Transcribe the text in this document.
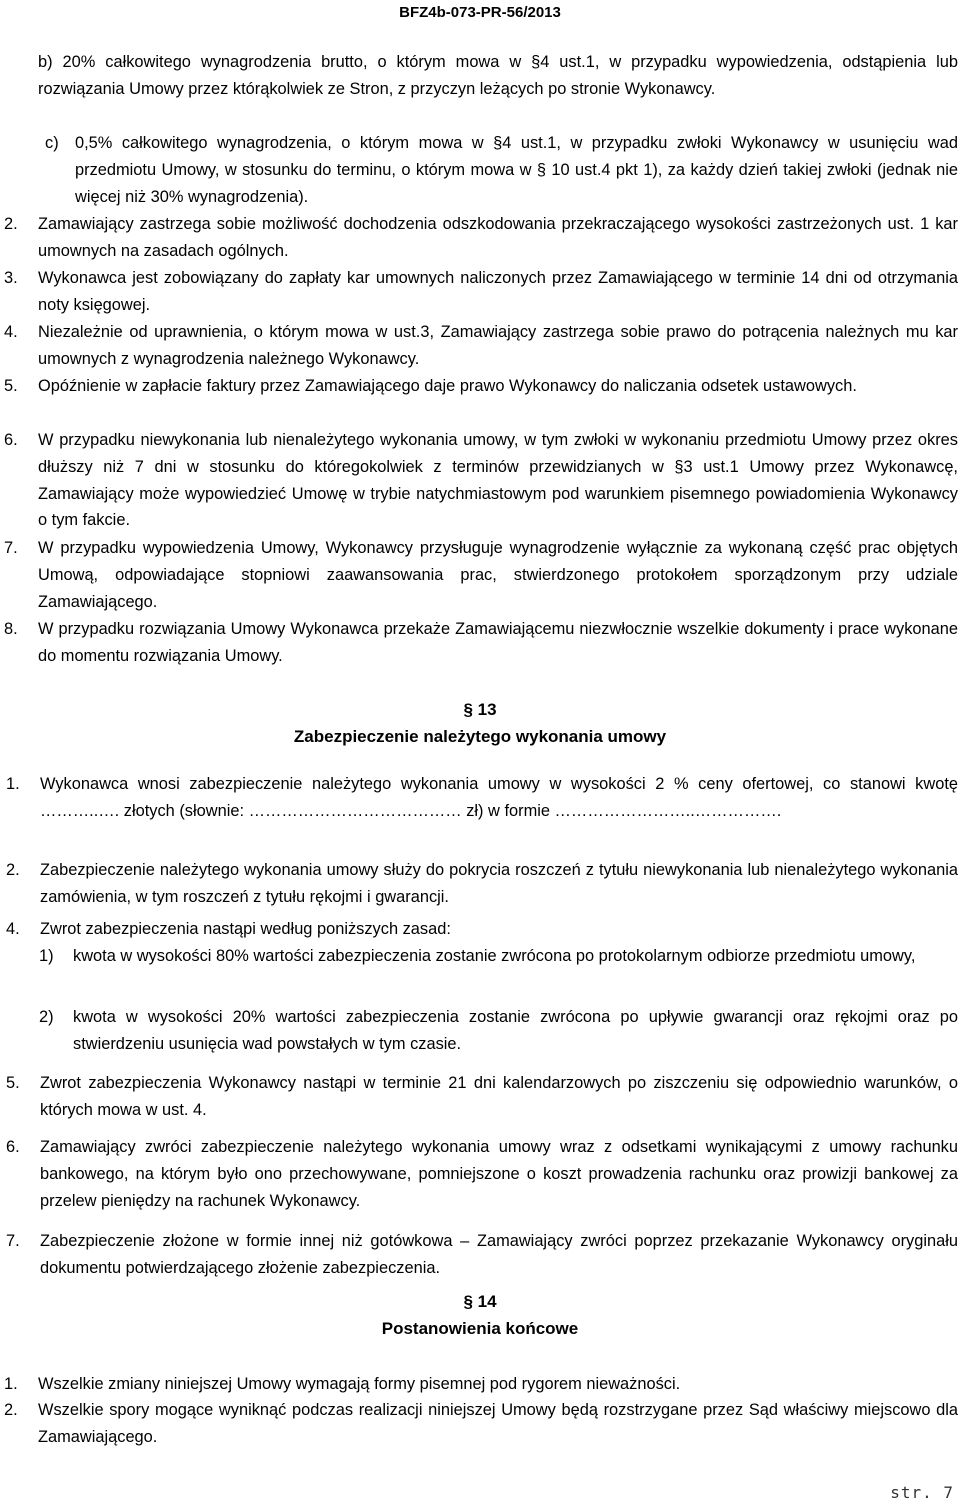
BFZ4b-073-PR-56/2013
b) 20% całkowitego wynagrodzenia brutto, o którym mowa w §4 ust.1, w przypadku wypowiedzenia, odstąpienia lub rozwiązania Umowy przez którąkolwiek ze Stron, z przyczyn leżących po stronie Wykonawcy.
c) 0,5% całkowitego wynagrodzenia, o którym mowa w §4 ust.1, w przypadku zwłoki Wykonawcy w usunięciu wad przedmiotu Umowy, w stosunku do terminu, o którym mowa w § 10 ust.4 pkt 1), za każdy dzień takiej zwłoki (jednak nie więcej niż 30% wynagrodzenia).
2. Zamawiający zastrzega sobie możliwość dochodzenia odszkodowania przekraczającego wysokości zastrzeżonych ust. 1 kar umownych na zasadach ogólnych.
3. Wykonawca jest zobowiązany do zapłaty kar umownych naliczonych przez Zamawiającego w terminie 14 dni od otrzymania noty księgowej.
4. Niezależnie od uprawnienia, o którym mowa w ust.3, Zamawiający zastrzega sobie prawo do potrącenia należnych mu kar umownych z wynagrodzenia należnego Wykonawcy.
5. Opóźnienie w zapłacie faktury przez Zamawiającego daje prawo Wykonawcy do naliczania odsetek ustawowych.
6. W przypadku niewykonania lub nienależytego wykonania umowy, w tym zwłoki w wykonaniu przedmiotu Umowy przez okres dłuższy niż 7 dni w stosunku do któregokolwiek z terminów przewidzianych w §3 ust.1 Umowy przez Wykonawcę, Zamawiający może wypowiedzieć Umowę w trybie natychmiastowym pod warunkiem pisemnego powiadomienia Wykonawcy o tym fakcie.
7. W przypadku wypowiedzenia Umowy, Wykonawcy przysługuje wynagrodzenie wyłącznie za wykonaną część prac objętych Umową, odpowiadające stopniowi zaawansowania prac, stwierdzonego protokołem sporządzonym przy udziale Zamawiającego.
8. W przypadku rozwiązania Umowy Wykonawca przekaże Zamawiającemu niezwłocznie wszelkie dokumenty i prace wykonane do momentu rozwiązania Umowy.
§ 13
Zabezpieczenie należytego wykonania umowy
1. Wykonawca wnosi zabezpieczenie należytego wykonania umowy w wysokości 2 % ceny ofertowej, co stanowi kwotę ………..…. złotych (słownie: ………………………………… zł) w formie ……………………..…………….
2. Zabezpieczenie należytego wykonania umowy służy do pokrycia roszczeń z tytułu niewykonania lub nienależytego wykonania zamówienia, w tym roszczeń z tytułu rękojmi i gwarancji.
4. Zwrot zabezpieczenia nastąpi według poniższych zasad:
1) kwota w wysokości 80% wartości zabezpieczenia zostanie zwrócona po protokolarnym odbiorze przedmiotu umowy,
2) kwota w wysokości 20% wartości zabezpieczenia zostanie zwrócona po upływie gwarancji oraz rękojmi oraz po stwierdzeniu usunięcia wad powstałych w tym czasie.
5. Zwrot zabezpieczenia Wykonawcy nastąpi w terminie 21 dni kalendarzowych po ziszczeniu się odpowiednio warunków, o których mowa w ust. 4.
6. Zamawiający zwróci zabezpieczenie należytego wykonania umowy wraz z odsetkami wynikającymi z umowy rachunku bankowego, na którym było ono przechowywane, pomniejszone o koszt prowadzenia rachunku oraz prowizji bankowej za przelew pieniędzy na rachunek Wykonawcy.
7. Zabezpieczenie złożone w formie innej niż gotówkowa – Zamawiający zwróci poprzez przekazanie Wykonawcy oryginału dokumentu potwierdzającego złożenie zabezpieczenia.
§ 14
Postanowienia końcowe
1. Wszelkie zmiany niniejszej Umowy wymagają formy pisemnej pod rygorem nieważności.
2. Wszelkie spory mogące wyniknąć podczas realizacji niniejszej Umowy będą rozstrzygane przez Sąd właściwy miejscowo dla Zamawiającego.
str. 7
